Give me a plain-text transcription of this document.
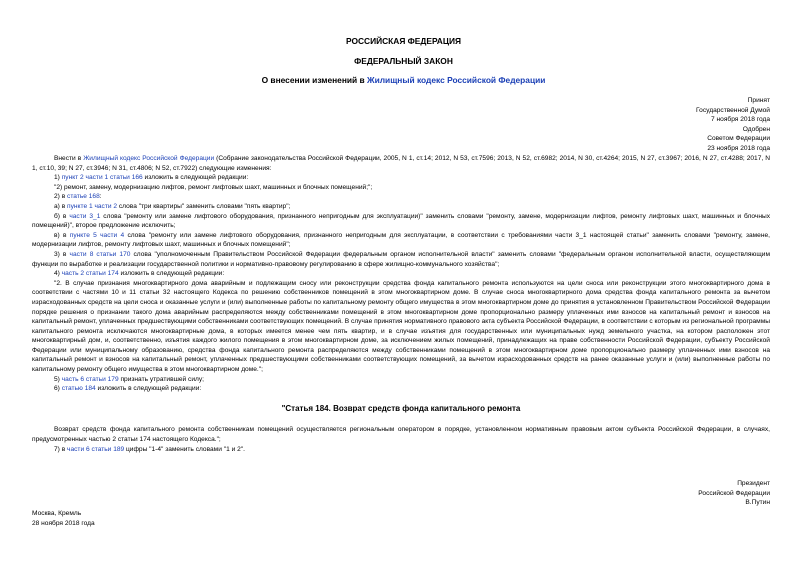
РОССИЙСКАЯ ФЕДЕРАЦИЯ
ФЕДЕРАЛЬНЫЙ ЗАКОН
О внесении изменений в Жилищный кодекс Российской Федерации
Принят
Государственной Думой
7 ноября 2018 года
Одобрен
Советом Федерации
23 ноября 2018 года

Внести в Жилищный кодекс Российской Федерации (Собрание законодательства Российской Федерации, 2005, N 1, ст.14; 2012, N 53, ст.7596; 2013, N 52, ст.6982; 2014, N 30, ст.4264; 2015, N 27, ст.3967; 2016, N 27, ст.4288; 2017, N 1, ст.10, 39; N 27, ст.3946; N 31, ст.4806; N 52, ст.7922) следующие изменения:

1) пункт 2 части 1 статьи 166 изложить в следующей редакции:

"2) ремонт, замену, модернизацию лифтов, ремонт лифтовых шахт, машинных и блочных помещений;";

2) в статье 168:

а) в пункте 1 части 2 слова "три квартиры" заменить словами "пять квартир";

б) в части 3_1 слова "ремонту или замене лифтового оборудования, признанного непригодным для эксплуатации)" заменить словами "ремонту, замене, модернизации лифтов, ремонту лифтовых шахт, машинных и блочных помещений)", второе предложение исключить;

в) в пункте 5 части 4 слова "ремонту или замене лифтового оборудования, признанного непригодным для эксплуатации, в соответствии с требованиями части 3_1 настоящей статьи" заменить словами "ремонту, замене, модернизации лифтов, ремонту лифтовых шахт, машинных и блочных помещений";

3) в части 8 статьи 170 слова "уполномоченным Правительством Российской Федерации федеральным органом исполнительной власти" заменить словами "федеральным органом исполнительной власти, осуществляющим функции по выработке и реализации государственной политики и нормативно-правовому регулированию в сфере жилищно-коммунального хозяйства";

4) часть 2 статьи 174 изложить в следующей редакции:

"2. В случае признания многоквартирного дома аварийным и подлежащим сносу или реконструкции средства фонда капитального ремонта используются на цели сноса или реконструкции этого многоквартирного дома в соответствии с частями 10 и 11 статьи 32 настоящего Кодекса по решению собственников помещений в этом многоквартирном доме. В случае сноса многоквартирного дома средства фонда капитального ремонта за вычетом израсходованных средств на цели сноса и оказанные услуги и (или) выполненные работы по капитальному ремонту общего имущества в этом многоквартирном доме до принятия в установленном Правительством Российской Федерации порядке решения о признании такого дома аварийным распределяются между собственниками помещений в этом многоквартирном доме пропорционально размеру уплаченных ими взносов на капитальный ремонт и взносов на капитальный ремонт, уплаченных предшествующими собственниками соответствующих помещений. В случае принятия нормативного правового акта субъекта Российской Федерации, в соответствии с которым из региональной программы капитального ремонта исключаются многоквартирные дома, в которых имеется менее чем пять квартир, и в случае изъятия для государственных или муниципальных нужд земельного участка, на котором расположен этот многоквартирный дом, и, соответственно, изъятия каждого жилого помещения в этом многоквартирном доме, за исключением жилых помещений, принадлежащих на праве собственности Российской Федерации, субъекту Российской Федерации или муниципальному образованию, средства фонда капитального ремонта распределяются между собственниками помещений в этом многоквартирном доме пропорционально размеру уплаченных ими взносов на капитальный ремонт и взносов на капитальный ремонт, уплаченных предшествующими собственниками соответствующих помещений, за вычетом израсходованных средств на ранее оказанные услуги и (или) выполненные работы по капитальному ремонту общего имущества в этом многоквартирном доме.";

5) часть 6 статьи 179 признать утратившей силу;

6) статью 184 изложить в следующей редакции:

"Статья 184. Возврат средств фонда капитального ремонта

Возврат средств фонда капитального ремонта собственникам помещений осуществляется региональным оператором в порядке, установленном нормативным правовым актом субъекта Российской Федерации, в случаях, предусмотренных частью 2 статьи 174 настоящего Кодекса.";

7) в части 6 статьи 189 цифры "1-4" заменить словами "1 и 2".

Президент
Российской Федерации
В.Путин
Москва, Кремль
28 ноября 2018 года
